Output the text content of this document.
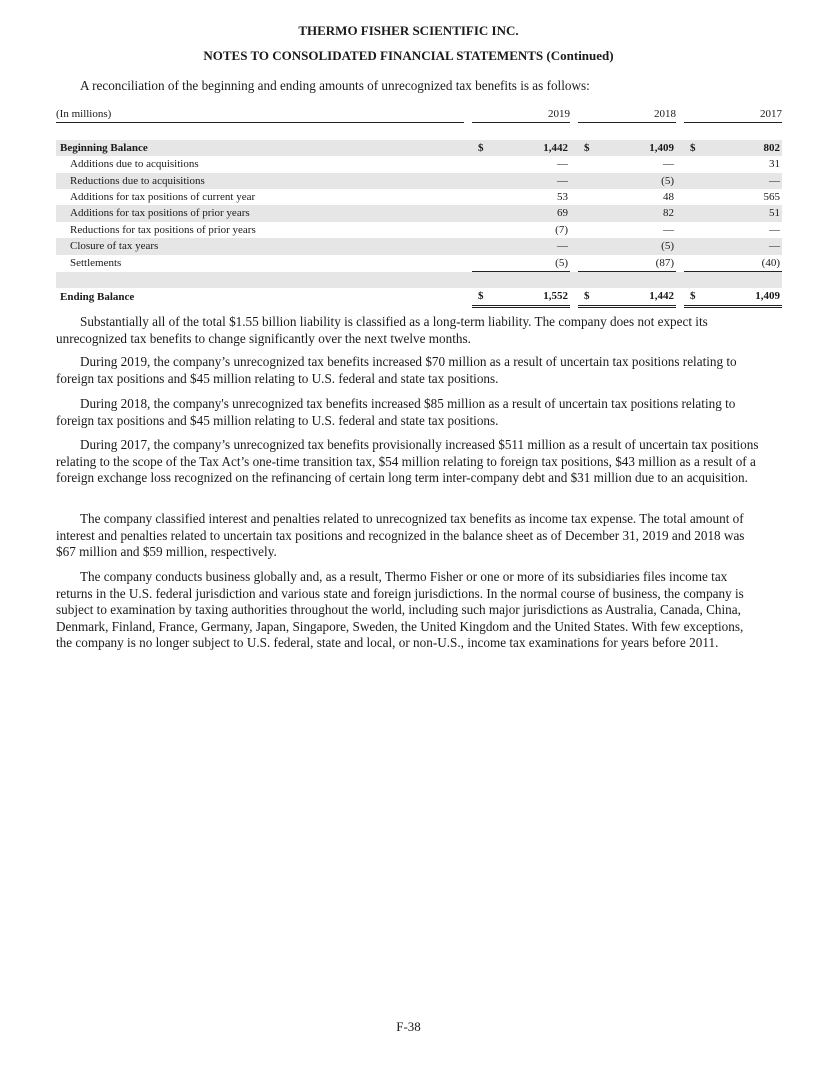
THERMO FISHER SCIENTIFIC INC.
NOTES TO CONSOLIDATED FINANCIAL STATEMENTS (Continued)
A reconciliation of the beginning and ending amounts of unrecognized tax benefits is as follows:
(In millions)		2019		2018		2017

Beginning Balance		$ 1,442		$ 1,409		$ 802

Additions due to acquisitions		—		—		31

Reductions due to acquisitions		—		(5)		—

Additions for tax positions of current year		53		48		565

Additions for tax positions of prior years		69		82		51

Reductions for tax positions of prior years		(7)		—		—

Closure of tax years		—		(5)		—

Settlements		(5)		(87)		(40)

Ending Balance		$ 1,552		$ 1,442		$ 1,409

Substantially all of the total $1.55 billion liability is classified as a long-term liability. The company does not expect its unrecognized tax benefits to change significantly over the next twelve months.

During 2019, the company’s unrecognized tax benefits increased $70 million as a result of uncertain tax positions relating to foreign tax positions and $45 million relating to U.S. federal and state tax positions.

During 2018, the company's unrecognized tax benefits increased $85 million as a result of uncertain tax positions relating to foreign tax positions and $45 million relating to U.S. federal and state tax positions.

During 2017, the company’s unrecognized tax benefits provisionally increased $511 million as a result of uncertain tax positions relating to the scope of the Tax Act’s one-time transition tax, $54 million relating to foreign tax positions, $43 million as a result of a foreign exchange loss recognized on the refinancing of certain long term inter-company debt and $31 million due to an acquisition.

The company classified interest and penalties related to unrecognized tax benefits as income tax expense. The total amount of interest and penalties related to uncertain tax positions and recognized in the balance sheet as of December 31, 2019 and 2018 was $67 million and $59 million, respectively.

The company conducts business globally and, as a result, Thermo Fisher or one or more of its subsidiaries files income tax returns in the U.S. federal jurisdiction and various state and foreign jurisdictions. In the normal course of business, the company is subject to examination by taxing authorities throughout the world, including such major jurisdictions as Australia, Canada, China, Denmark, Finland, France, Germany, Japan, Singapore, Sweden, the United Kingdom and the United States. With few exceptions, the company is no longer subject to U.S. federal, state and local, or non-U.S., income tax examinations for years before 2011.

F-38
